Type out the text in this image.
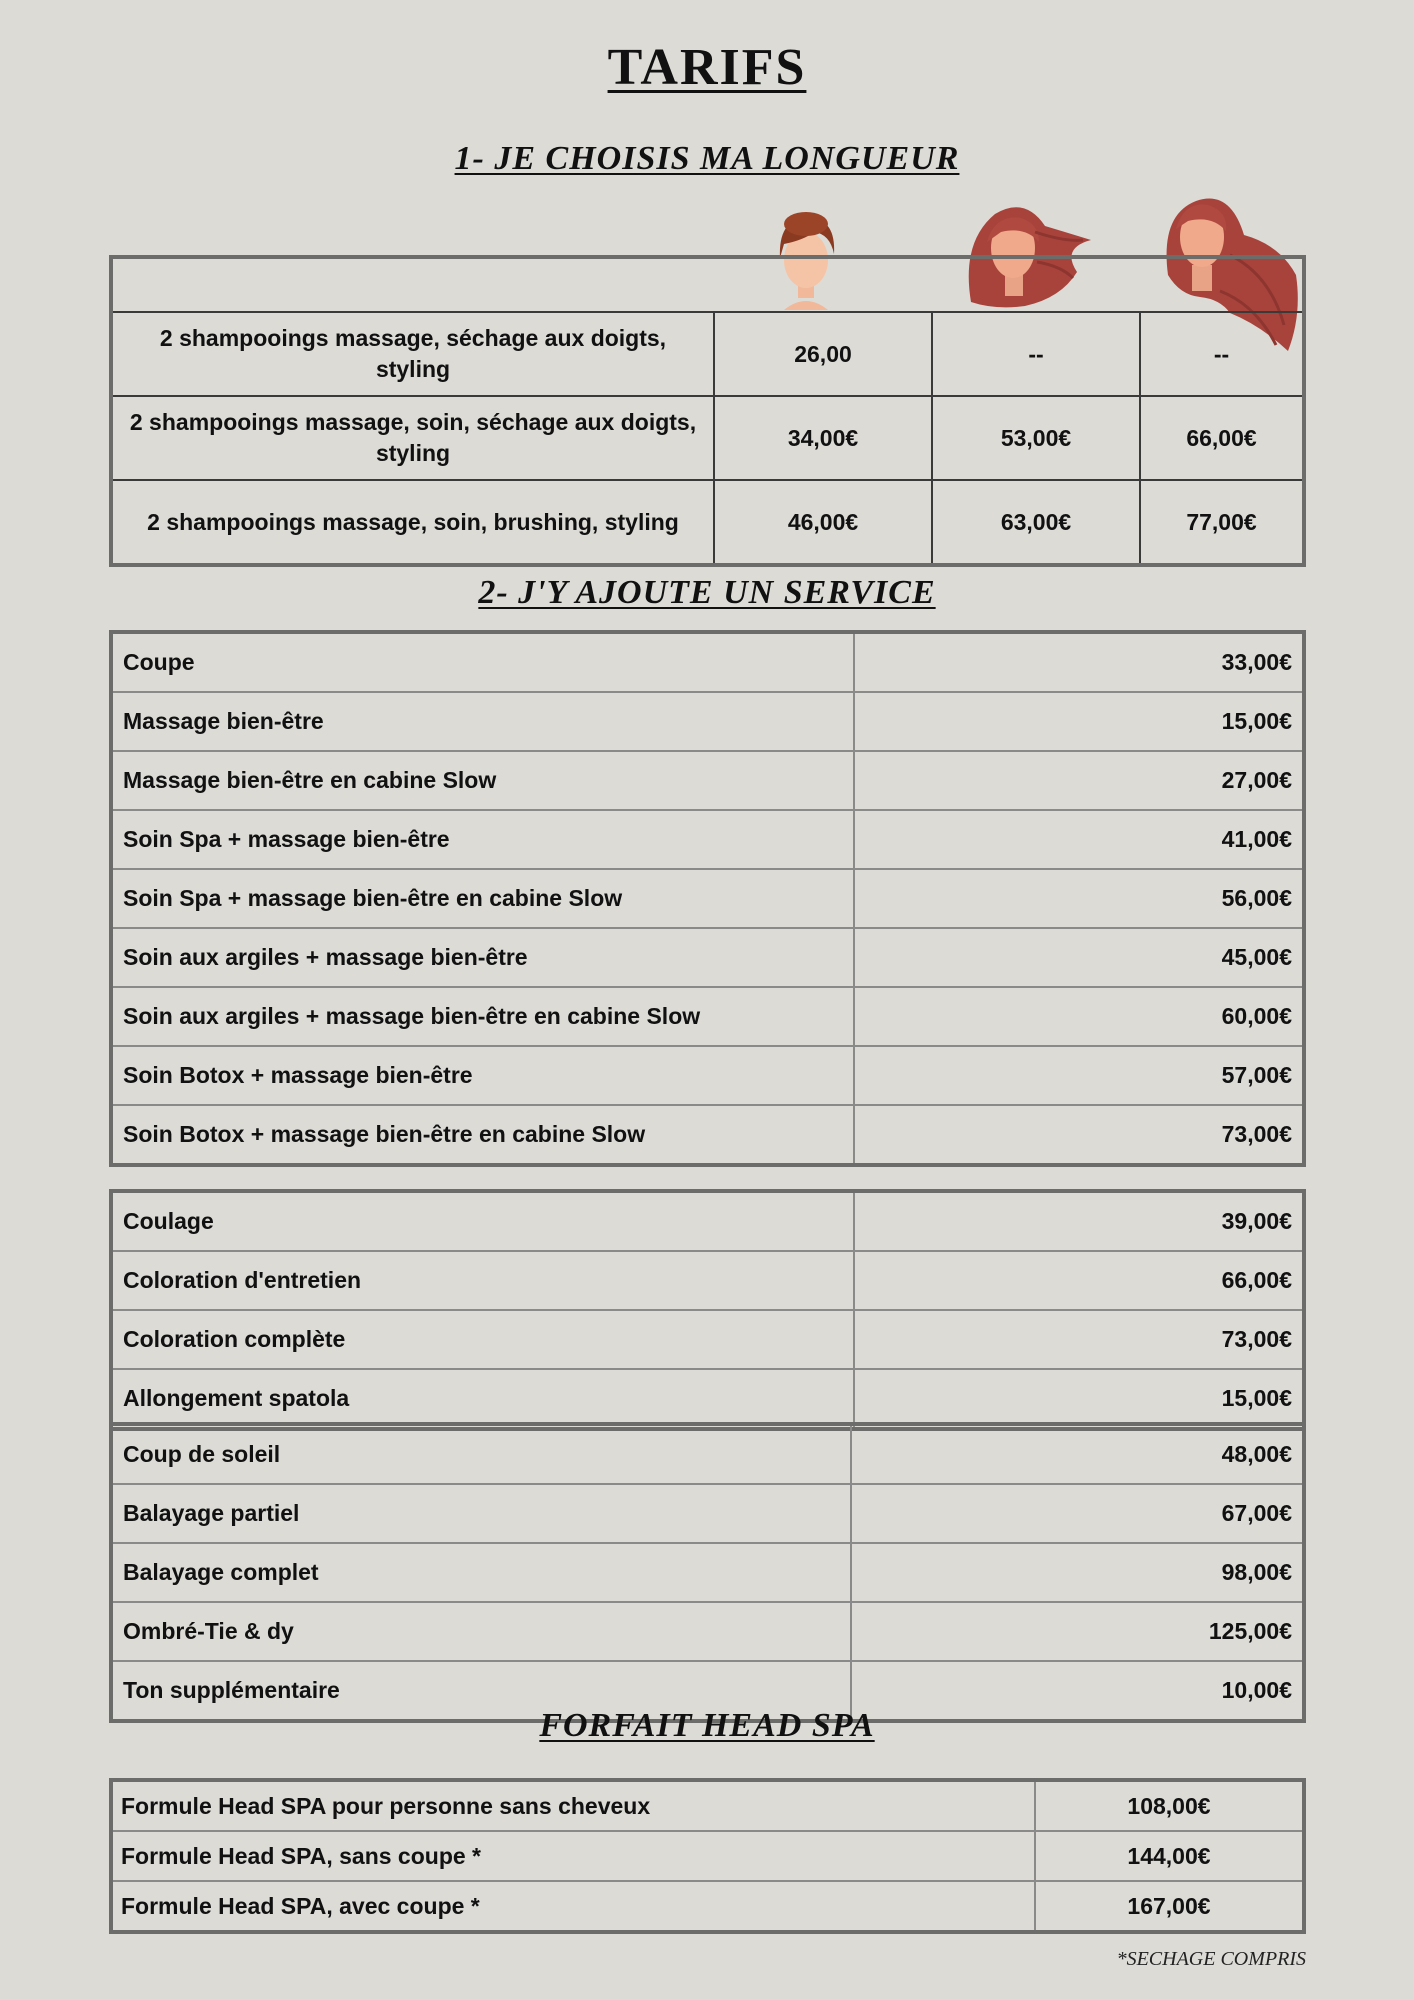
TARIFS
1- JE CHOISIS MA LONGUEUR

2 shampooings massage, séchage aux doigts, styling	26,00	--	--
2 shampooings massage, soin, séchage aux doigts, styling	34,00€	53,00€	66,00€
2 shampooings massage, soin, brushing, styling	46,00€	63,00€	77,00€
2- J'Y AJOUTE UN SERVICE
Coupe	33,00€
Massage bien-être	15,00€
Massage bien-être en cabine Slow	27,00€
Soin Spa + massage bien-être	41,00€
Soin Spa + massage bien-être en cabine Slow	56,00€
Soin aux argiles + massage bien-être	45,00€
Soin aux argiles + massage bien-être en cabine Slow	60,00€
Soin Botox + massage bien-être	57,00€
Soin Botox + massage bien-être en cabine Slow	73,00€
Coulage	39,00€
Coloration d'entretien	66,00€
Coloration complète	73,00€
Allongement spatola	15,00€
Coup de soleil	48,00€
Balayage partiel	67,00€
Balayage complet	98,00€
Ombré-Tie & dy	125,00€
Ton supplémentaire	10,00€
FORFAIT HEAD SPA
Formule Head SPA pour personne sans cheveux	108,00€
Formule Head SPA, sans coupe *	144,00€
Formule Head SPA, avec coupe *	167,00€
*SECHAGE COMPRIS
